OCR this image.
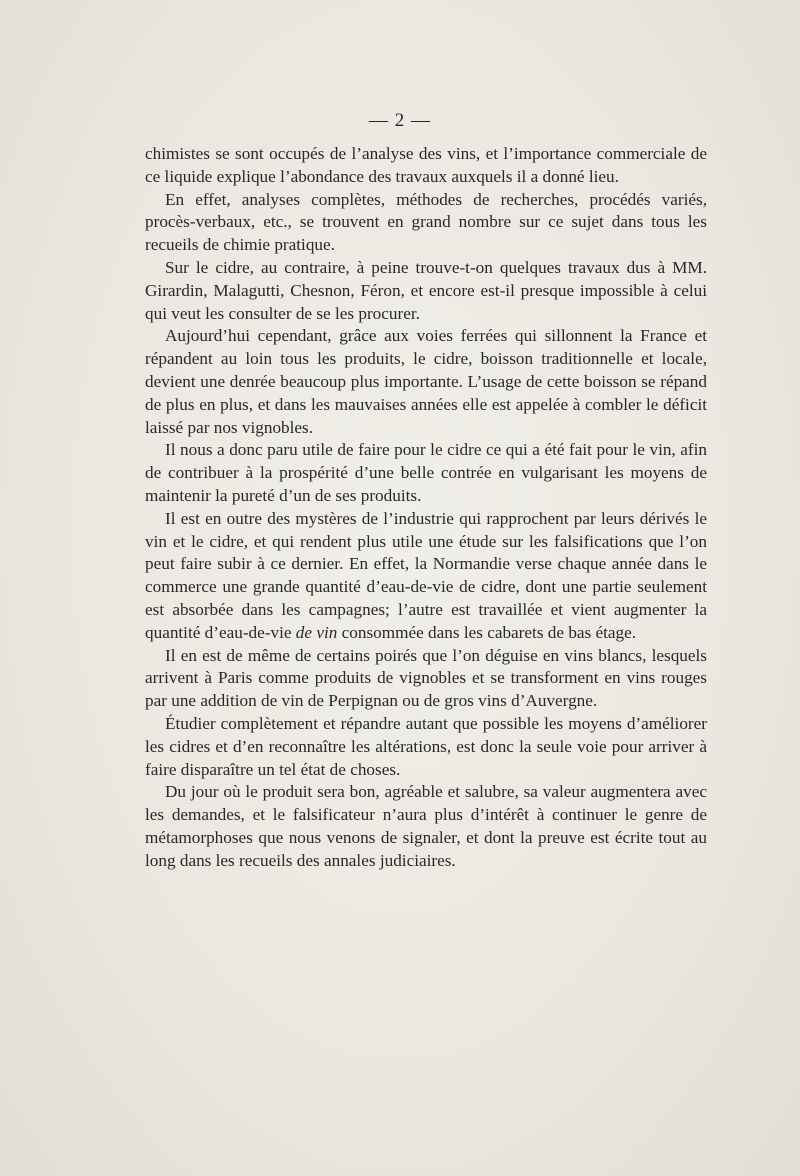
— 2 —

chimistes se sont occupés de l’analyse des vins, et l’importance commerciale de ce liquide explique l’abondance des travaux auxquels il a donné lieu.

En effet, analyses complètes, méthodes de recherches, procédés variés, procès-verbaux, etc., se trouvent en grand nombre sur ce sujet dans tous les recueils de chimie pratique.

Sur le cidre, au contraire, à peine trouve-t-on quelques travaux dus à MM. Girardin, Malagutti, Chesnon, Féron, et encore est-il presque impossible à celui qui veut les consulter de se les procurer.

Aujourd’hui cependant, grâce aux voies ferrées qui sillonnent la France et répandent au loin tous les produits, le cidre, boisson traditionnelle et locale, devient une denrée beaucoup plus importante. L’usage de cette boisson se répand de plus en plus, et dans les mauvaises années elle est appelée à combler le déficit laissé par nos vignobles.

Il nous a donc paru utile de faire pour le cidre ce qui a été fait pour le vin, afin de contribuer à la prospérité d’une belle contrée en vulgarisant les moyens de maintenir la pureté d’un de ses produits.

Il est en outre des mystères de l’industrie qui rapprochent par leurs dérivés le vin et le cidre, et qui rendent plus utile une étude sur les falsifications que l’on peut faire subir à ce dernier. En effet, la Normandie verse chaque année dans le commerce une grande quantité d’eau-de-vie de cidre, dont une partie seulement est absorbée dans les campagnes; l’autre est travaillée et vient augmenter la quantité d’eau-de-vie de vin consommée dans les cabarets de bas étage.

Il en est de même de certains poirés que l’on déguise en vins blancs, lesquels arrivent à Paris comme produits de vignobles et se transforment en vins rouges par une addition de vin de Perpignan ou de gros vins d’Auvergne.

Étudier complètement et répandre autant que possible les moyens d’améliorer les cidres et d’en reconnaître les altérations, est donc la seule voie pour arriver à faire disparaître un tel état de choses.

Du jour où le produit sera bon, agréable et salubre, sa valeur augmentera avec les demandes, et le falsificateur n’aura plus d’intérêt à continuer le genre de métamorphoses que nous venons de signaler, et dont la preuve est écrite tout au long dans les recueils des annales judiciaires.
